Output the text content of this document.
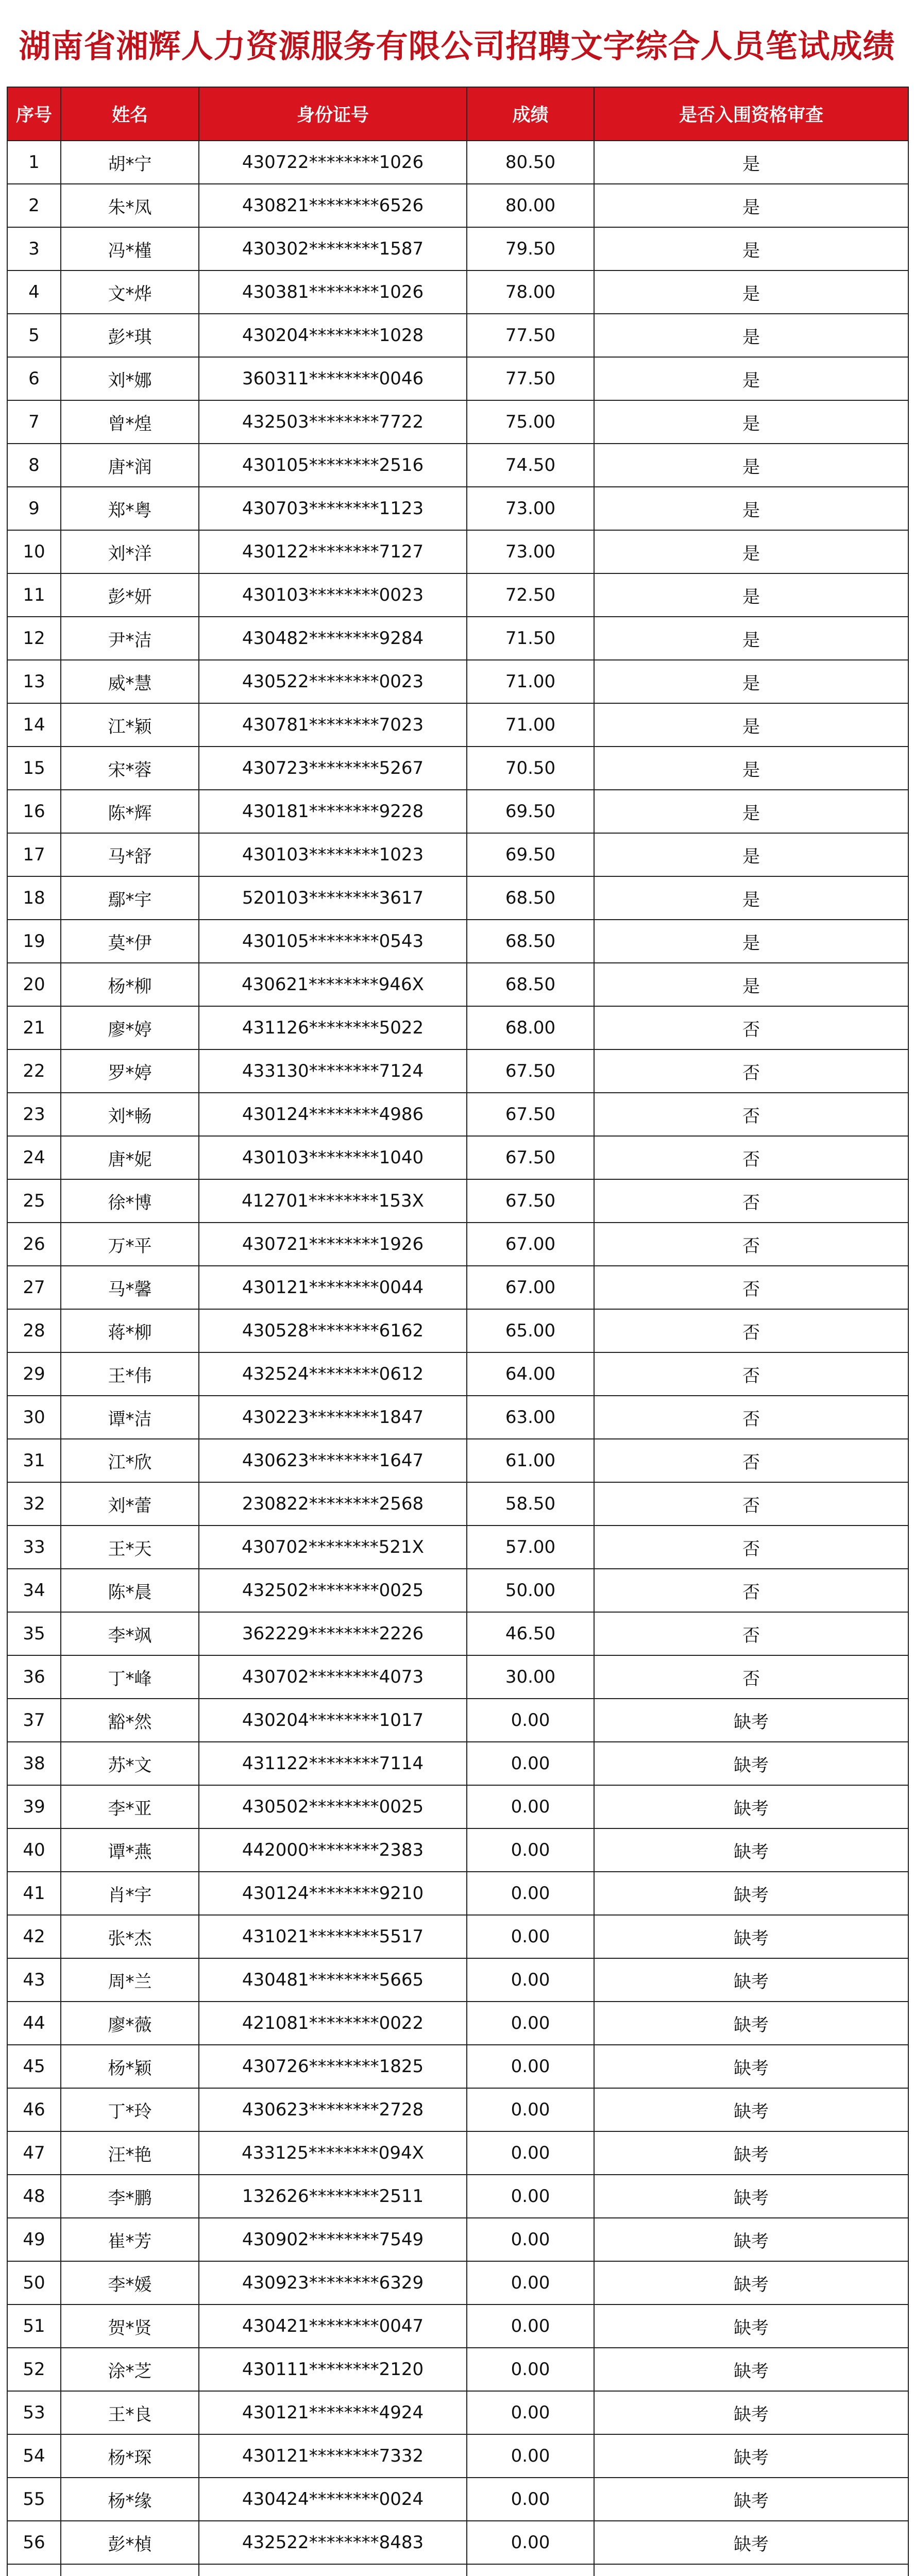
湖南省湘辉人力资源服务有限公司招聘文字综合人员笔试成绩
序号	姓名	身份证号	成绩	是否入围资格审查
1	胡*宁	430722********1026	80.50	是
2	朱*凤	430821********6526	80.00	是
3	冯*槿	430302********1587	79.50	是
4	文*烨	430381********1026	78.00	是
5	彭*琪	430204********1028	77.50	是
6	刘*娜	360311********0046	77.50	是
7	曾*煌	432503********7722	75.00	是
8	唐*润	430105********2516	74.50	是
9	郑*粤	430703********1123	73.00	是
10	刘*洋	430122********7127	73.00	是
11	彭*妍	430103********0023	72.50	是
12	尹*洁	430482********9284	71.50	是
13	威*慧	430522********0023	71.00	是
14	江*颖	430781********7023	71.00	是
15	宋*蓉	430723********5267	70.50	是
16	陈*辉	430181********9228	69.50	是
17	马*舒	430103********1023	69.50	是
18	鄢*宇	520103********3617	68.50	是
19	莫*伊	430105********0543	68.50	是
20	杨*柳	430621********946X	68.50	是
21	廖*婷	431126********5022	68.00	否
22	罗*婷	433130********7124	67.50	否
23	刘*畅	430124********4986	67.50	否
24	唐*妮	430103********1040	67.50	否
25	徐*博	412701********153X	67.50	否
26	万*平	430721********1926	67.00	否
27	马*馨	430121********0044	67.00	否
28	蒋*柳	430528********6162	65.00	否
29	王*伟	432524********0612	64.00	否
30	谭*洁	430223********1847	63.00	否
31	江*欣	430623********1647	61.00	否
32	刘*蕾	230822********2568	58.50	否
33	王*天	430702********521X	57.00	否
34	陈*晨	432502********0025	50.00	否
35	李*飒	362229********2226	46.50	否
36	丁*峰	430702********4073	30.00	否
37	豁*然	430204********1017	0.00	缺考
38	苏*文	431122********7114	0.00	缺考
39	李*亚	430502********0025	0.00	缺考
40	谭*燕	442000********2383	0.00	缺考
41	肖*宇	430124********9210	0.00	缺考
42	张*杰	431021********5517	0.00	缺考
43	周*兰	430481********5665	0.00	缺考
44	廖*薇	421081********0022	0.00	缺考
45	杨*颖	430726********1825	0.00	缺考
46	丁*玲	430623********2728	0.00	缺考
47	汪*艳	433125********094X	0.00	缺考
48	李*鹏	132626********2511	0.00	缺考
49	崔*芳	430902********7549	0.00	缺考
50	李*媛	430923********6329	0.00	缺考
51	贺*贤	430421********0047	0.00	缺考
52	涂*芝	430111********2120	0.00	缺考
53	王*良	430121********4924	0.00	缺考
54	杨*琛	430121********7332	0.00	缺考
55	杨*缘	430424********0024	0.00	缺考
56	彭*楨	432522********8483	0.00	缺考
